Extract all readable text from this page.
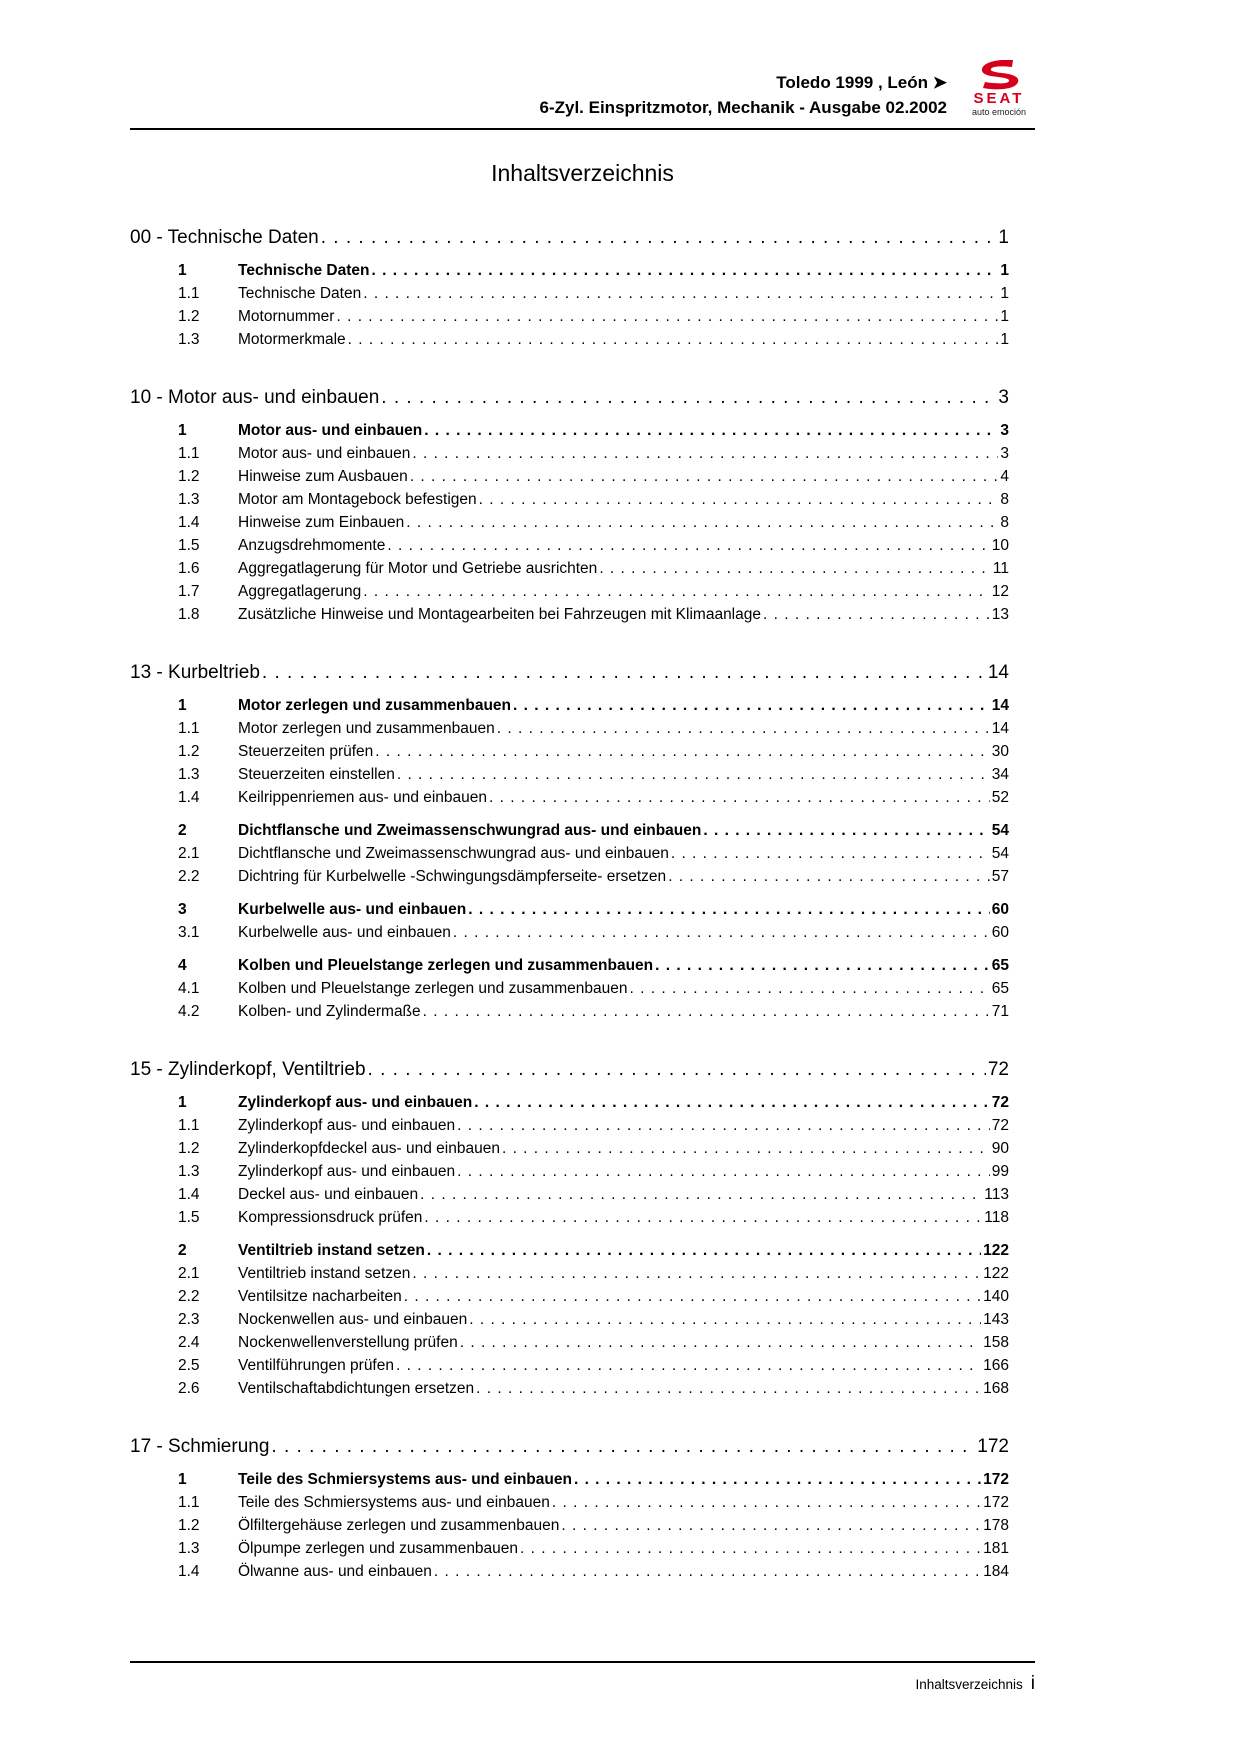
Toledo 1999 , León ➤
6-Zyl. Einspritzmotor, Mechanik - Ausgabe 02.2002 SEAT
auto emoción
Inhaltsverzeichnis
00 - Technische Daten . . .	1
1	Technische Daten . . .	1
1.1	Technische Daten . . .	1
1.2	Motornummer . . .	1
1.3	Motormerkmale . . .	1
10 - Motor aus- und einbauen . . .	3
1	Motor aus- und einbauen . . .	3
1.1	Motor aus- und einbauen . . .	3
1.2	Hinweise zum Ausbauen . . .	4
1.3	Motor am Montagebock befestigen . . .	8
1.4	Hinweise zum Einbauen . . .	8
1.5	Anzugsdrehmomente . . .	10
1.6	Aggregatlagerung für Motor und Getriebe ausrichten . . .	11
1.7	Aggregatlagerung . . .	12
1.8	Zusätzliche Hinweise und Montagearbeiten bei Fahrzeugen mit Klimaanlage . . .	13
13 - Kurbeltrieb . . .	14
1	Motor zerlegen und zusammenbauen . . .	14
1.1	Motor zerlegen und zusammenbauen . . .	14
1.2	Steuerzeiten prüfen . . .	30
1.3	Steuerzeiten einstellen . . .	34
1.4	Keilrippenriemen aus- und einbauen . . .	52
2	Dichtflansche und Zweimassenschwungrad aus- und einbauen . . .	54
2.1	Dichtflansche und Zweimassenschwungrad aus- und einbauen . . .	54
2.2	Dichtring für Kurbelwelle -Schwingungsdämpferseite- ersetzen . . .	57
3	Kurbelwelle aus- und einbauen . . .	60
3.1	Kurbelwelle aus- und einbauen . . .	60
4	Kolben und Pleuelstange zerlegen und zusammenbauen . . .	65
4.1	Kolben und Pleuelstange zerlegen und zusammenbauen . . .	65
4.2	Kolben- und Zylindermaße . . .	71
15 - Zylinderkopf, Ventiltrieb . . .	72
1	Zylinderkopf aus- und einbauen . . .	72
1.1	Zylinderkopf aus- und einbauen . . .	72
1.2	Zylinderkopfdeckel aus- und einbauen . . .	90
1.3	Zylinderkopf aus- und einbauen . . .	99
1.4	Deckel aus- und einbauen . . .	113
1.5	Kompressionsdruck prüfen . . .	118
2	Ventiltrieb instand setzen . . .	122
2.1	Ventiltrieb instand setzen . . .	122
2.2	Ventilsitze nacharbeiten . . .	140
2.3	Nockenwellen aus- und einbauen . . .	143
2.4	Nockenwellenverstellung prüfen . . .	158
2.5	Ventilführungen prüfen . . .	166
2.6	Ventilschaftabdichtungen ersetzen . . .	168
17 - Schmierung . . .	172
1	Teile des Schmiersystems aus- und einbauen . . .	172
1.1	Teile des Schmiersystems aus- und einbauen . . .	172
1.2	Ölfiltergehäuse zerlegen und zusammenbauen . . .	178
1.3	Ölpumpe zerlegen und zusammenbauen . . .	181
1.4	Ölwanne aus- und einbauen . . .	184
Inhaltsverzeichnis i
